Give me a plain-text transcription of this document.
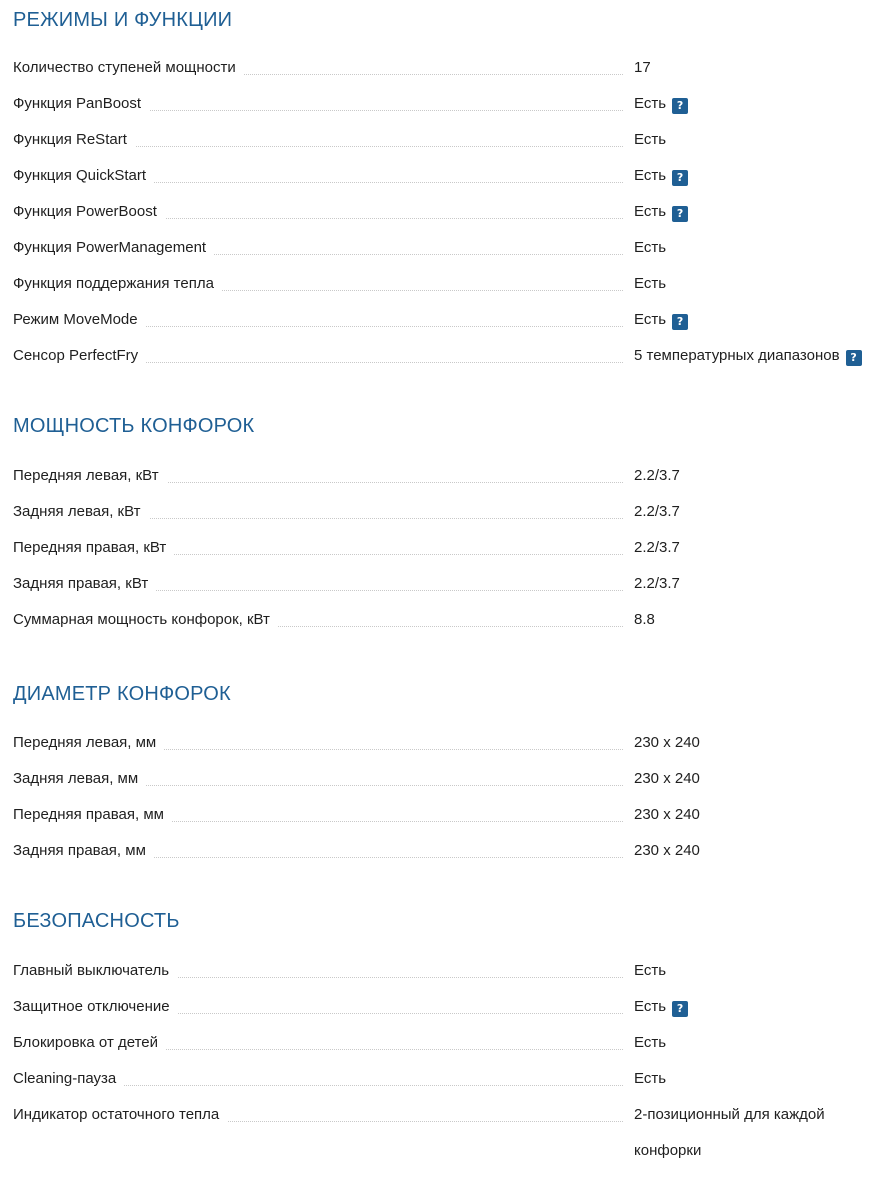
РЕЖИМЫ И ФУНКЦИИ
Количество ступеней мощности	17
Функция PanBoost	Есть ?
Функция ReStart	Есть
Функция QuickStart	Есть ?
Функция PowerBoost	Есть ?
Функция PowerManagement	Есть
Функция поддержания тепла	Есть
Режим MoveMode	Есть ?
Сенсор PerfectFry	5 температурных диапазонов ?
МОЩНОСТЬ КОНФОРОК
Передняя левая, кВт	2.2/3.7
Задняя левая, кВт	2.2/3.7
Передняя правая, кВт	2.2/3.7
Задняя правая, кВт	2.2/3.7
Суммарная мощность конфорок, кВт	8.8
ДИАМЕТР КОНФОРОК
Передняя левая, мм	230 x 240
Задняя левая, мм	230 x 240
Передняя правая, мм	230 x 240
Задняя правая, мм	230 x 240
БЕЗОПАСНОСТЬ
Главный выключатель	Есть
Защитное отключение	Есть ?
Блокировка от детей	Есть
Cleaning-пауза	Есть
Индикатор остаточного тепла	2-позиционный для каждой конфорки
